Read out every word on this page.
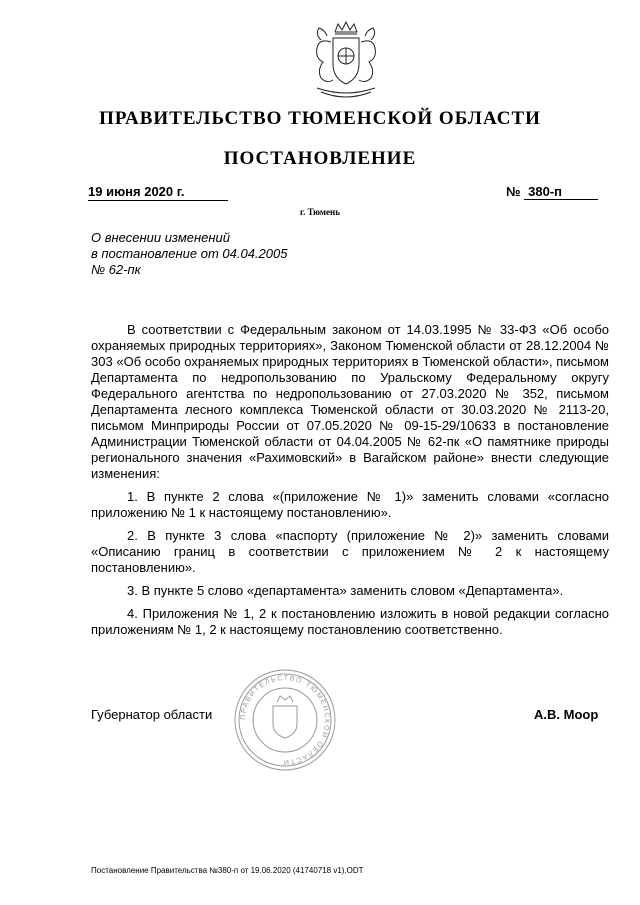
ПРАВИТЕЛЬСТВО ТЮМЕНСКОЙ ОБЛАСТИ
ПОСТАНОВЛЕНИЕ
19 июня 2020 г.	№ 380-п
г. Тюмень
О внесении изменений
в постановление от 04.04.2005
№ 62-пк

В соответствии с Федеральным законом от 14.03.1995 № 33-ФЗ «Об особо охраняемых природных территориях», Законом Тюменской области от 28.12.2004 № 303 «Об особо охраняемых природных территориях в Тюменской области», письмом Департамента по недропользованию по Уральскому Федеральному округу Федерального агентства по недропользованию от 27.03.2020 № 352, письмом Департамента лесного комплекса Тюменской области от 30.03.2020 № 2113-20, письмом Минприроды России от 07.05.2020 № 09-15-29/10633 в постановление Администрации Тюменской области от 04.04.2005 № 62-пк «О памятнике природы регионального значения «Рахимовский» в Вагайском районе» внести следующие изменения:

1. В пункте 2 слова «(приложение № 1)» заменить словами «согласно приложению № 1 к настоящему постановлению».

2. В пункте 3 слова «паспорту (приложение № 2)» заменить словами «Описанию границ в соответствии с приложением № 2 к настоящему постановлению».

3. В пункте 5 слово «департамента» заменить словом «Департамента».

4. Приложения № 1, 2 к постановлению изложить в новой редакции согласно приложениям № 1, 2 к настоящему постановлению соответственно.

ПРАВИТЕЛЬСТВО ТЮМЕНСКОЙ ОБЛАСТИ
Губернатор области	А.В. Моор
Постановление Правительства №380-п от 19.06.2020 (41740718 v1).ODT
